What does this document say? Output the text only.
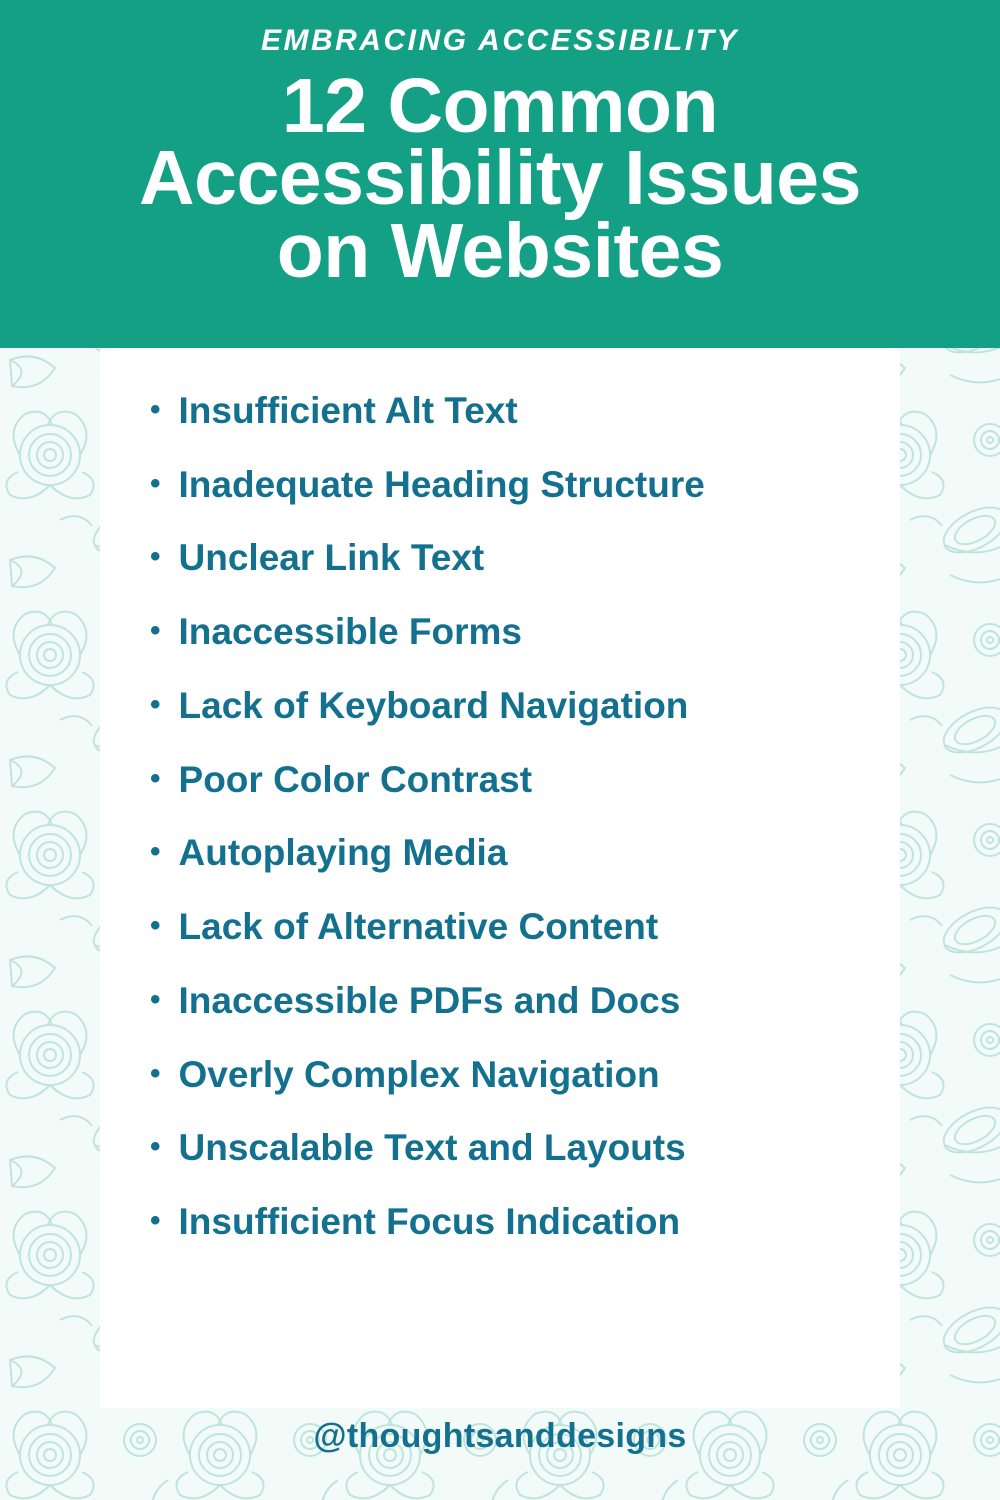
EMBRACING ACCESSIBILITY
12 Common
Accessibility Issues
on Websites
• Insufficient Alt Text
• Inadequate Heading Structure
• Unclear Link Text
• Inaccessible Forms
• Lack of Keyboard Navigation
• Poor Color Contrast
• Autoplaying Media
• Lack of Alternative Content
• Inaccessible PDFs and Docs
• Overly Complex Navigation
• Unscalable Text and Layouts
• Insufficient Focus Indication
@thoughtsanddesigns
